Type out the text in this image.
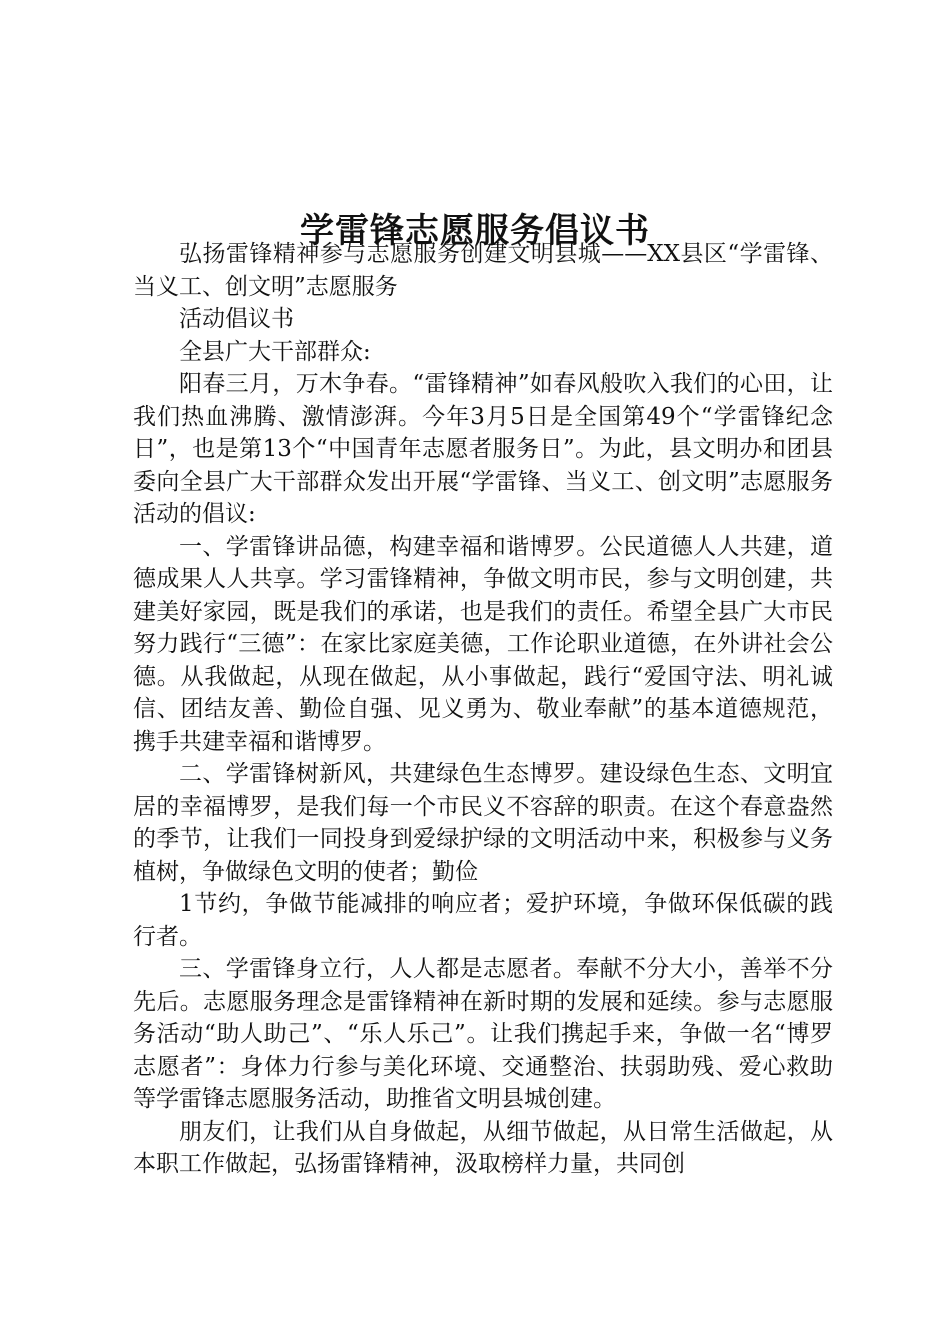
学雷锋志愿服务倡议书

弘扬雷锋精神参与志愿服务创建文明县城——XX县区“学雷锋、当义工、创文明”志愿服务

活动倡议书

全县广大干部群众:

阳春三月，万木争春。“雷锋精神”如春风般吹入我们的心田，让我们热血沸腾、激情澎湃。今年3月5日是全国第49个“学雷锋纪念日”，也是第13个“中国青年志愿者服务日”。为此，县文明办和团县委向全县广大干部群众发出开展“学雷锋、当义工、创文明”志愿服务活动的倡议:

一、学雷锋讲品德，构建幸福和谐博罗。公民道德人人共建，道德成果人人共享。学习雷锋精神，争做文明市民，参与文明创建，共建美好家园，既是我们的承诺，也是我们的责任。希望全县广大市民努力践行“三德”：在家比家庭美德，工作论职业道德，在外讲社会公德。从我做起，从现在做起，从小事做起，践行“爱国守法、明礼诚信、团结友善、勤俭自强、见义勇为、敬业奉献”的基本道德规范，携手共建幸福和谐博罗。

二、学雷锋树新风，共建绿色生态博罗。建设绿色生态、文明宜居的幸福博罗，是我们每一个市民义不容辞的职责。在这个春意盎然的季节，让我们一同投身到爱绿护绿的文明活动中来，积极参与义务植树，争做绿色文明的使者；勤俭

1节约，争做节能减排的响应者；爱护环境，争做环保低碳的践行者。

三、学雷锋身立行，人人都是志愿者。奉献不分大小，善举不分先后。志愿服务理念是雷锋精神在新时期的发展和延续。参与志愿服务活动“助人助己”、“乐人乐己”。让我们携起手来，争做一名“博罗志愿者”：身体力行参与美化环境、交通整治、扶弱助残、爱心救助等学雷锋志愿服务活动，助推省文明县城创建。

朋友们，让我们从自身做起，从细节做起，从日常生活做起，从本职工作做起，弘扬雷锋精神，汲取榜样力量，共同创
